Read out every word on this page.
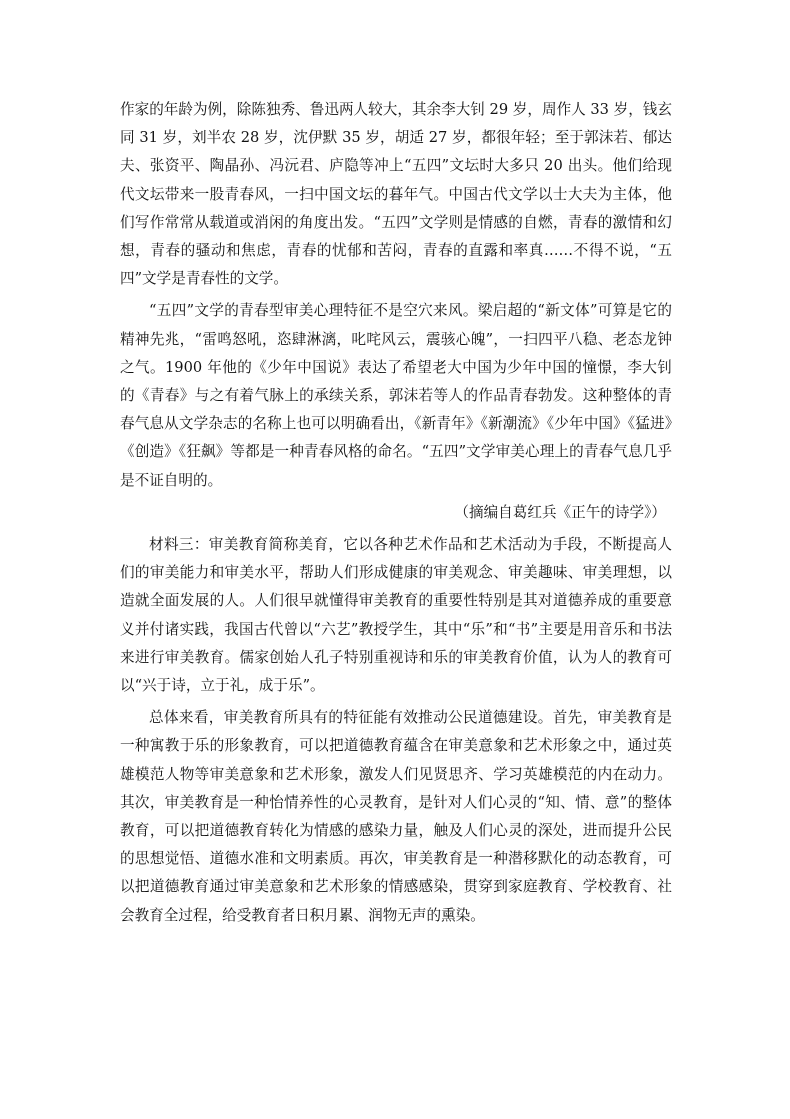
作家的年龄为例，除陈独秀、鲁迅两人较大，其余李大钊 29 岁，周作人 33 岁，钱玄同 31 岁，刘半农 28 岁，沈伊默 35 岁，胡适 27 岁，都很年轻；至于郭沫若、郁达夫、张资平、陶晶孙、冯沅君、庐隐等冲上“五四”文坛时大多只 20 出头。他们给现代文坛带来一股青春风，一扫中国文坛的暮年气。中国古代文学以士大夫为主体，他们写作常常从载道或消闲的角度出发。“五四”文学则是情感的自燃，青春的激情和幻想，青春的骚动和焦虑，青春的忧郁和苦闷，青春的直露和率真……不得不说，“五四”文学是青春性的文学。

“五四”文学的青春型审美心理特征不是空穴来风。梁启超的“新文体”可算是它的精神先兆，“雷鸣怒吼，恣肆淋漓，叱咤风云，震骇心魄”，一扫四平八稳、老态龙钟之气。1900 年他的《少年中国说》表达了希望老大中国为少年中国的憧憬，李大钊的《青春》与之有着气脉上的承续关系，郭沫若等人的作品青春勃发。这种整体的青春气息从文学杂志的名称上也可以明确看出，《新青年》《新潮流》《少年中国》《猛进》《创造》《狂飙》等都是一种青春风格的命名。“五四”文学审美心理上的青春气息几乎是不证自明的。

（摘编自葛红兵《正午的诗学》）

材料三：审美教育简称美育，它以各种艺术作品和艺术活动为手段，不断提高人们的审美能力和审美水平，帮助人们形成健康的审美观念、审美趣味、审美理想，以造就全面发展的人。人们很早就懂得审美教育的重要性特别是其对道德养成的重要意义并付诸实践，我国古代曾以“六艺”教授学生，其中“乐”和“书”主要是用音乐和书法来进行审美教育。儒家创始人孔子特别重视诗和乐的审美教育价值，认为人的教育可以“兴于诗，立于礼，成于乐”。

总体来看，审美教育所具有的特征能有效推动公民道德建设。首先，审美教育是一种寓教于乐的形象教育，可以把道德教育蕴含在审美意象和艺术形象之中，通过英雄模范人物等审美意象和艺术形象，激发人们见贤思齐、学习英雄模范的内在动力。其次，审美教育是一种怡情养性的心灵教育，是针对人们心灵的“知、情、意”的整体教育，可以把道德教育转化为情感的感染力量，触及人们心灵的深处，进而提升公民的思想觉悟、道德水准和文明素质。再次，审美教育是一种潜移默化的动态教育，可以把道德教育通过审美意象和艺术形象的情感感染，贯穿到家庭教育、学校教育、社会教育全过程，给受教育者日积月累、润物无声的熏染。
